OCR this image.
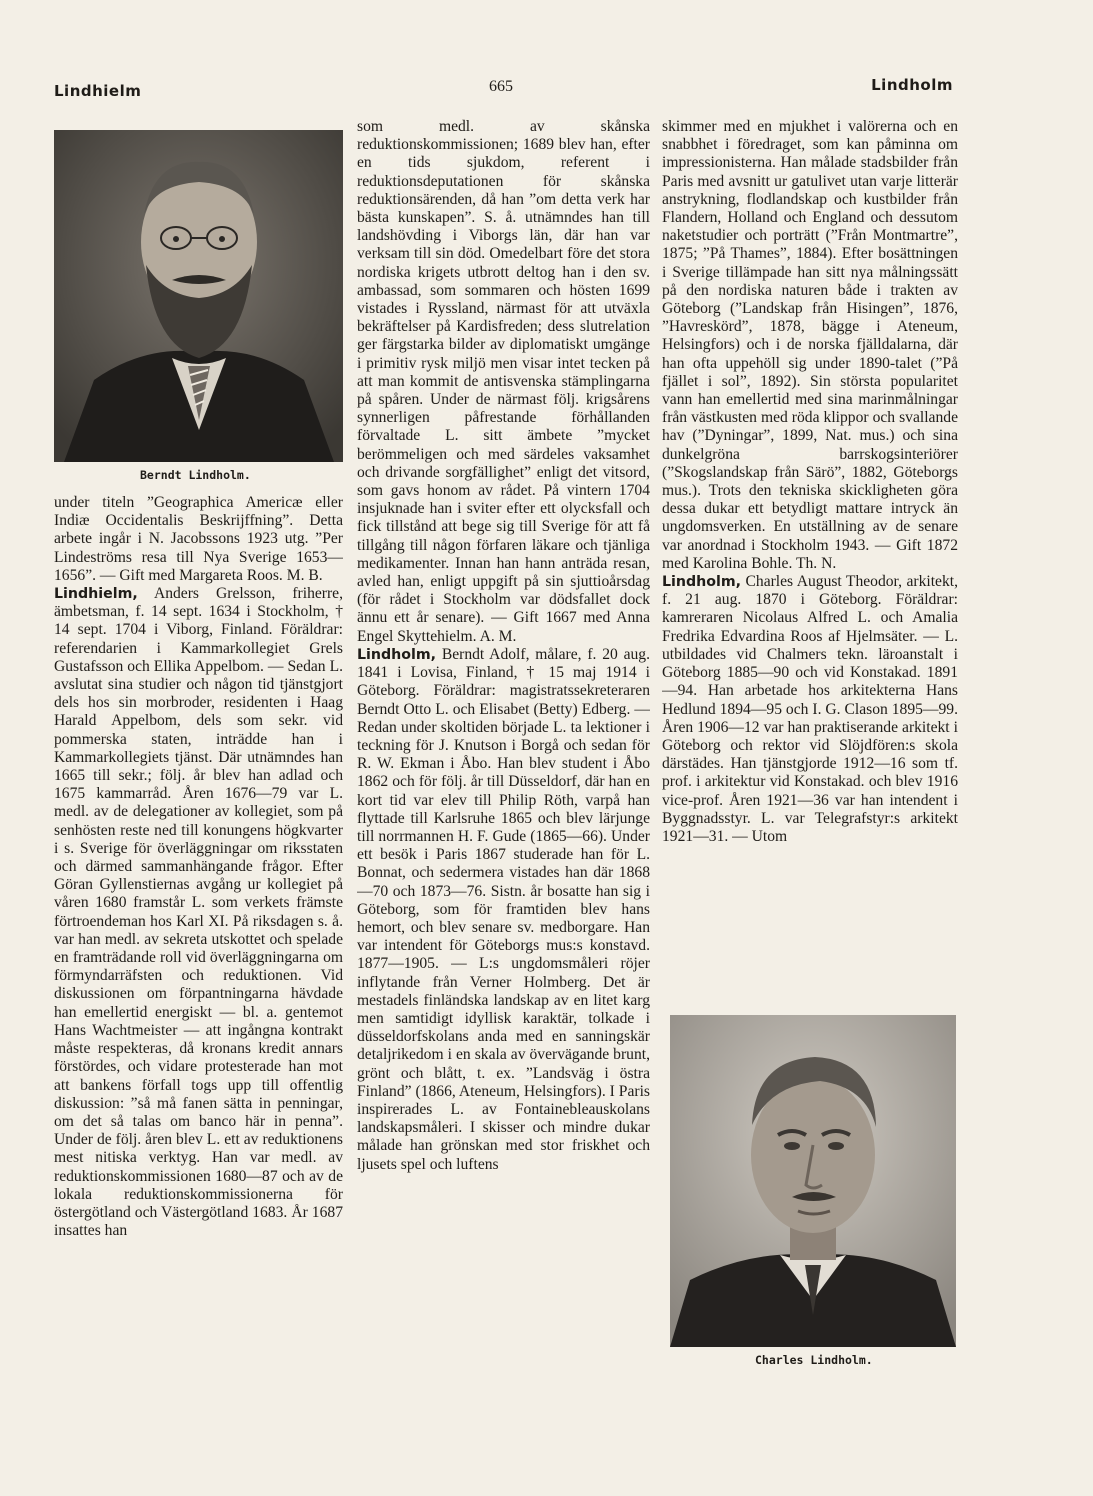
Lindhielm	665	Lindholm
Berndt Lindholm.

under titeln ”Geographica Americæ eller Indiæ Occidentalis Beskrijffning”. Detta arbete ingår i N. Jacobssons 1923 utg. ”Per Lindeströms resa till Nya Sverige 1653—1656”. — Gift med Margareta Roos. M. B.

Lindhielm, Anders Grelsson, friherre, ämbetsman, f. 14 sept. 1634 i Stockholm, † 14 sept. 1704 i Viborg, Finland. Föräldrar: referendarien i Kammarkollegiet Grels Gustafsson och Ellika Appelbom. — Sedan L. avslutat sina studier och någon tid tjänstgjort dels hos sin morbroder, residenten i Haag Harald Appelbom, dels som sekr. vid pommerska staten, inträdde han i Kammarkollegiets tjänst. Där utnämndes han 1665 till sekr.; följ. år blev han adlad och 1675 kammarråd. Åren 1676—79 var L. medl. av de delegationer av kollegiet, som på senhösten reste ned till konungens högkvarter i s. Sverige för överläggningar om riksstaten och därmed sammanhängande frågor. Efter Göran Gyllenstiernas avgång ur kollegiet på våren 1680 framstår L. som verkets främste förtroendeman hos Karl XI. På riksdagen s. å. var han medl. av sekreta utskottet och spelade en framträdande roll vid överläggningarna om förmyndarräfsten och reduktionen. Vid diskussionen om förpantningarna hävdade han emellertid energiskt — bl. a. gentemot Hans Wachtmeister — att ingångna kontrakt måste respekteras, då kronans kredit annars förstördes, och vidare protesterade han mot att bankens förfall togs upp till offentlig diskussion: ”så må fanen sätta in penningar, om det så talas om banco här in penna”. Under de följ. åren blev L. ett av reduktionens mest nitiska verktyg. Han var medl. av reduktionskommissionen 1680—87 och av de lokala reduktionskommissionerna för östergötland och Västergötland 1683. År 1687 insattes han

som medl. av skånska reduktionskommissionen; 1689 blev han, efter en tids sjukdom, referent i reduktionsdeputationen för skånska reduktionsärenden, då han ”om detta verk har bästa kunskapen”. S. å. utnämndes han till landshövding i Viborgs län, där han var verksam till sin död. Omedelbart före det stora nordiska krigets utbrott deltog han i den sv. ambassad, som sommaren och hösten 1699 vistades i Ryssland, närmast för att utväxla bekräftelser på Kardisfreden; dess slutrelation ger färgstarka bilder av diplomatiskt umgänge i primitiv rysk miljö men visar intet tecken på att man kommit de antisvenska stämplingarna på spåren. Under de närmast följ. krigsårens synnerligen påfrestande förhållanden förvaltade L. sitt ämbete ”mycket berömmeligen och med särdeles vaksamhet och drivande sorgfällighet” enligt det vitsord, som gavs honom av rådet. På vintern 1704 insjuknade han i sviter efter ett olycksfall och fick tillstånd att bege sig till Sverige för att få tillgång till någon förfaren läkare och tjänliga medikamenter. Innan han hann anträda resan, avled han, enligt uppgift på sin sjuttioårsdag (för rådet i Stockholm var dödsfallet dock ännu ett år senare). — Gift 1667 med Anna Engel Skyttehielm. A. M.

Lindholm, Berndt Adolf, målare, f. 20 aug. 1841 i Lovisa, Finland, † 15 maj 1914 i Göteborg. Föräldrar: magistratssekreteraren Berndt Otto L. och Elisabet (Betty) Edberg. — Redan under skoltiden började L. ta lektioner i teckning för J. Knutson i Borgå och sedan för R. W. Ekman i Åbo. Han blev student i Åbo 1862 och för följ. år till Düsseldorf, där han en kort tid var elev till Philip Röth, varpå han flyttade till Karlsruhe 1865 och blev lärjunge till norrmannen H. F. Gude (1865—66). Under ett besök i Paris 1867 studerade han för L. Bonnat, och sedermera vistades han där 1868—70 och 1873—76. Sistn. år bosatte han sig i Göteborg, som för framtiden blev hans hemort, och blev senare sv. medborgare. Han var intendent för Göteborgs mus:s konstavd. 1877—1905. — L:s ungdomsmåleri röjer inflytande från Verner Holmberg. Det är mestadels finländska landskap av en litet karg men samtidigt idyllisk karaktär, tolkade i düsseldorfskolans anda med en sanningskär detaljrikedom i en skala av övervägande brunt, grönt och blått, t. ex. ”Landsväg i östra Finland” (1866, Ateneum, Helsingfors). I Paris inspirerades L. av Fontainebleauskolans landskapsmåleri. I skisser och mindre dukar målade han grönskan med stor friskhet och ljusets spel och luftens

skimmer med en mjukhet i valörerna och en snabbhet i föredraget, som kan påminna om impressionisterna. Han målade stadsbilder från Paris med avsnitt ur gatulivet utan varje litterär anstrykning, flodlandskap och kustbilder från Flandern, Holland och England och dessutom naketstudier och porträtt (”Från Montmartre”, 1875; ”På Thames”, 1884). Efter bosättningen i Sverige tillämpade han sitt nya målningssätt på den nordiska naturen både i trakten av Göteborg (”Landskap från Hisingen”, 1876, ”Havreskörd”, 1878, bägge i Ateneum, Helsingfors) och i de norska fjälldalarna, där han ofta uppehöll sig under 1890-talet (”På fjället i sol”, 1892). Sin största popularitet vann han emellertid med sina marinmålningar från västkusten med röda klippor och svallande hav (”Dyningar”, 1899, Nat. mus.) och sina dunkelgröna barrskogsinteriörer (”Skogslandskap från Särö”, 1882, Göteborgs mus.). Trots den tekniska skickligheten göra dessa dukar ett betydligt mattare intryck än ungdomsverken. En utställning av de senare var anordnad i Stockholm 1943. — Gift 1872 med Karolina Bohle. Th. N.

Lindholm, Charles August Theodor, arkitekt, f. 21 aug. 1870 i Göteborg. Föräldrar: kamreraren Nicolaus Alfred L. och Amalia Fredrika Edvardina Roos af Hjelmsäter. — L. utbildades vid Chalmers tekn. läroanstalt i Göteborg 1885—90 och vid Konstakad. 1891—94. Han arbetade hos arkitekterna Hans Hedlund 1894—95 och I. G. Clason 1895—99. Åren 1906—12 var han praktiserande arkitekt i Göteborg och rektor vid Slöjdfören:s skola därstädes. Han tjänstgjorde 1912—16 som tf. prof. i arkitektur vid Konstakad. och blev 1916 vice-prof. Åren 1921—36 var han intendent i Byggnadsstyr. L. var Telegrafstyr:s arkitekt 1921—31. — Utom

Charles Lindholm.
